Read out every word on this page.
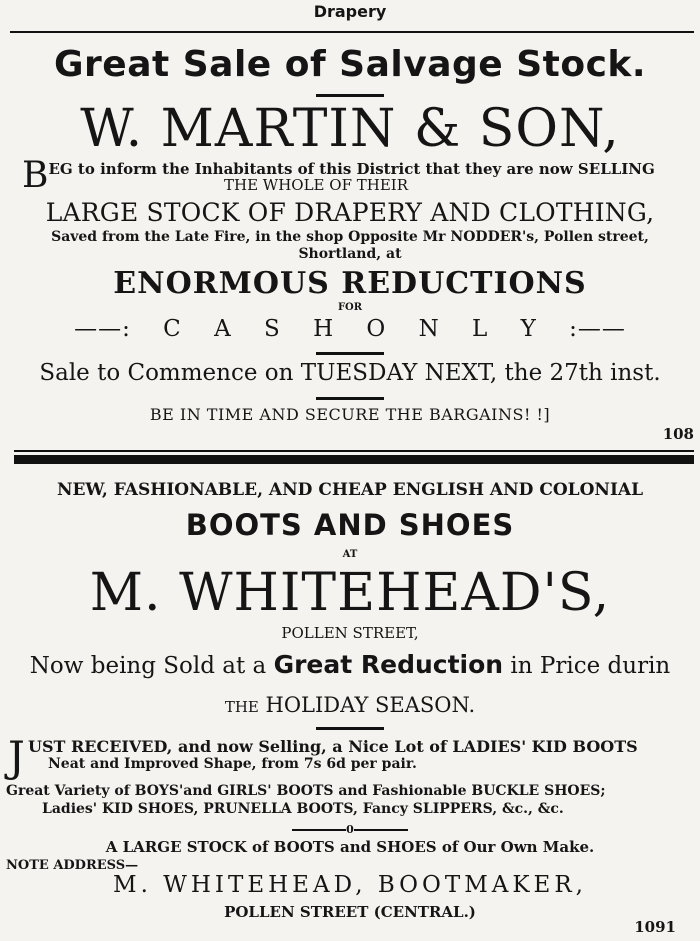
Drapery
Great Sale of Salvage Stock.
W. MARTIN & SON,
B EG to inform the Inhabitants of this District that they are now SELLING
THE WHOLE OF THEIR
LARGE STOCK OF DRAPERY AND CLOTHING,
Saved from the Late Fire, in the shop Opposite Mr NODDER's, Pollen street,
Shortland, at
ENORMOUS REDUCTIONS
FOR
——: C A S H O N L Y :——
Sale to Commence on TUESDAY NEXT, the 27th inst.
BE IN TIME AND SECURE THE BARGAINS! !]
108
NEW, FASHIONABLE, AND CHEAP ENGLISH AND COLONIAL
BOOTS AND SHOES
AT
M. WHITEHEAD'S,
POLLEN STREET,
Now being Sold at a Great Reduction in Price durin
the HOLIDAY SEASON.
J UST RECEIVED, and now Selling, a Nice Lot of LADIES' KID BOOTS
Neat and Improved Shape, from 7s 6d per pair.
Great Variety of BOYS'and GIRLS' BOOTS and Fashionable BUCKLE SHOES;
Ladies' KID SHOES, PRUNELLA BOOTS, Fancy SLIPPERS, &c., &c.
0
A LARGE STOCK of BOOTS and SHOES of Our Own Make.
NOTE ADDRESS—
M. WHITEHEAD, BOOTMAKER,
POLLEN STREET (CENTRAL.)
1091
